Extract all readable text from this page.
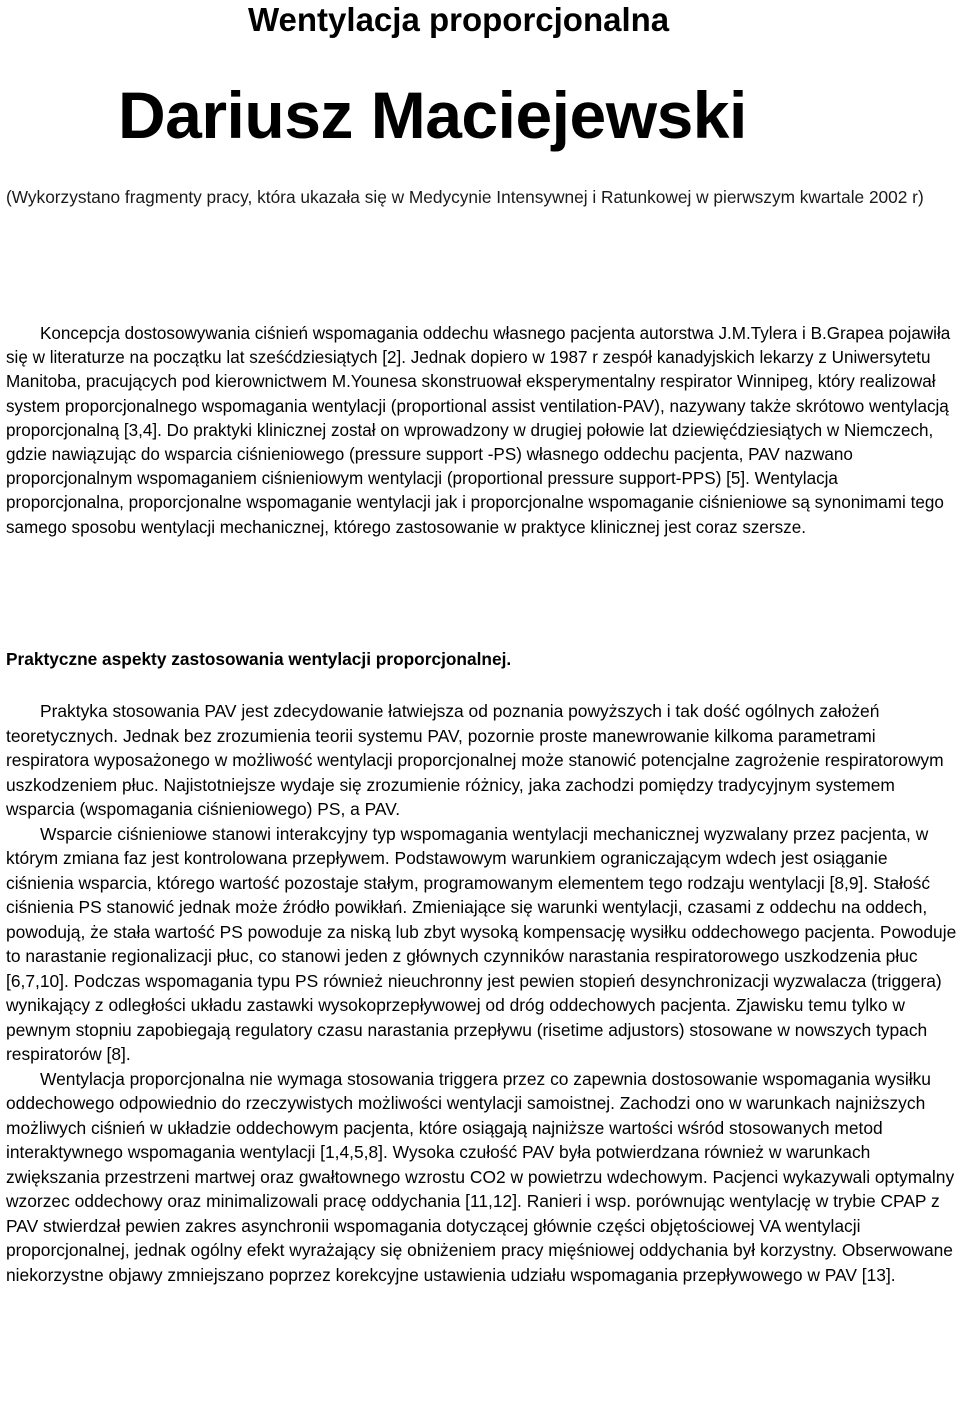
Wentylacja proporcjonalna
Dariusz Maciejewski
(Wykorzystano fragmenty pracy, która ukazała się w Medycynie Intensywnej i Ratunkowej w pierwszym kwartale 2002 r)

Koncepcja dostosowywania ciśnień wspomagania oddechu własnego pacjenta autorstwa J.M.Tylera i B.Grapea pojawiła się w literaturze na początku lat sześćdziesiątych [2]. Jednak dopiero w 1987 r zespół kanadyjskich lekarzy z Uniwersytetu Manitoba, pracujących pod kierownictwem M.Younesa skonstruował eksperymentalny respirator Winnipeg, który realizował system proporcjonalnego wspomagania wentylacji (proportional assist ventilation-PAV), nazywany także skrótowo wentylacją proporcjonalną [3,4]. Do praktyki klinicznej został on wprowadzony w drugiej połowie lat dziewięćdziesiątych w Niemczech, gdzie nawiązując do wsparcia ciśnieniowego (pressure support -PS) własnego oddechu pacjenta, PAV nazwano proporcjonalnym wspomaganiem ciśnieniowym wentylacji (proportional pressure support-PPS) [5]. Wentylacja proporcjonalna, proporcjonalne wspomaganie wentylacji jak i proporcjonalne wspomaganie ciśnieniowe są synonimami tego samego sposobu wentylacji mechanicznej, którego zastosowanie w praktyce klinicznej jest coraz szersze.

Praktyczne aspekty zastosowania wentylacji proporcjonalnej.

Praktyka stosowania PAV jest zdecydowanie łatwiejsza od poznania powyższych i tak dość ogólnych założeń teoretycznych. Jednak bez zrozumienia teorii systemu PAV, pozornie proste manewrowanie kilkoma parametrami respiratora wyposażonego w możliwość wentylacji proporcjonalnej może stanowić potencjalne zagrożenie respiratorowym uszkodzeniem płuc. Najistotniejsze wydaje się zrozumienie różnicy, jaka zachodzi pomiędzy tradycyjnym systemem wsparcia (wspomagania ciśnieniowego) PS, a PAV.

Wsparcie ciśnieniowe stanowi interakcyjny typ wspomagania wentylacji mechanicznej wyzwalany przez pacjenta, w którym zmiana faz jest kontrolowana przepływem. Podstawowym warunkiem ograniczającym wdech jest osiąganie ciśnienia wsparcia, którego wartość pozostaje stałym, programowanym elementem tego rodzaju wentylacji [8,9]. Stałość ciśnienia PS stanowić jednak może źródło powikłań. Zmieniające się warunki wentylacji, czasami z oddechu na oddech, powodują, że stała wartość PS powoduje za niską lub zbyt wysoką kompensację wysiłku oddechowego pacjenta. Powoduje to narastanie regionalizacji płuc, co stanowi jeden z głównych czynników narastania respiratorowego uszkodzenia płuc [6,7,10]. Podczas wspomagania typu PS również nieuchronny jest pewien stopień desynchronizacji wyzwalacza (triggera) wynikający z odległości układu zastawki wysokoprzepływowej od dróg oddechowych pacjenta. Zjawisku temu tylko w pewnym stopniu zapobiegają regulatory czasu narastania przepływu (risetime adjustors) stosowane w nowszych typach respiratorów [8].

Wentylacja proporcjonalna nie wymaga stosowania triggera przez co zapewnia dostosowanie wspomagania wysiłku oddechowego odpowiednio do rzeczywistych możliwości wentylacji samoistnej. Zachodzi ono w warunkach najniższych możliwych ciśnień w układzie oddechowym pacjenta, które osiągają najniższe wartości wśród stosowanych metod interaktywnego wspomagania wentylacji [1,4,5,8]. Wysoka czułość PAV była potwierdzana również w warunkach zwiększania przestrzeni martwej oraz gwałtownego wzrostu CO2 w powietrzu wdechowym. Pacjenci wykazywali optymalny wzorzec oddechowy oraz minimalizowali pracę oddychania [11,12]. Ranieri i wsp. porównując wentylację w trybie CPAP z PAV stwierdzał pewien zakres asynchronii wspomagania dotyczącej głównie części objętościowej VA wentylacji proporcjonalnej, jednak ogólny efekt wyrażający się obniżeniem pracy mięśniowej oddychania był korzystny. Obserwowane niekorzystne objawy zmniejszano poprzez korekcyjne ustawienia udziału wspomagania przepływowego w PAV [13].
